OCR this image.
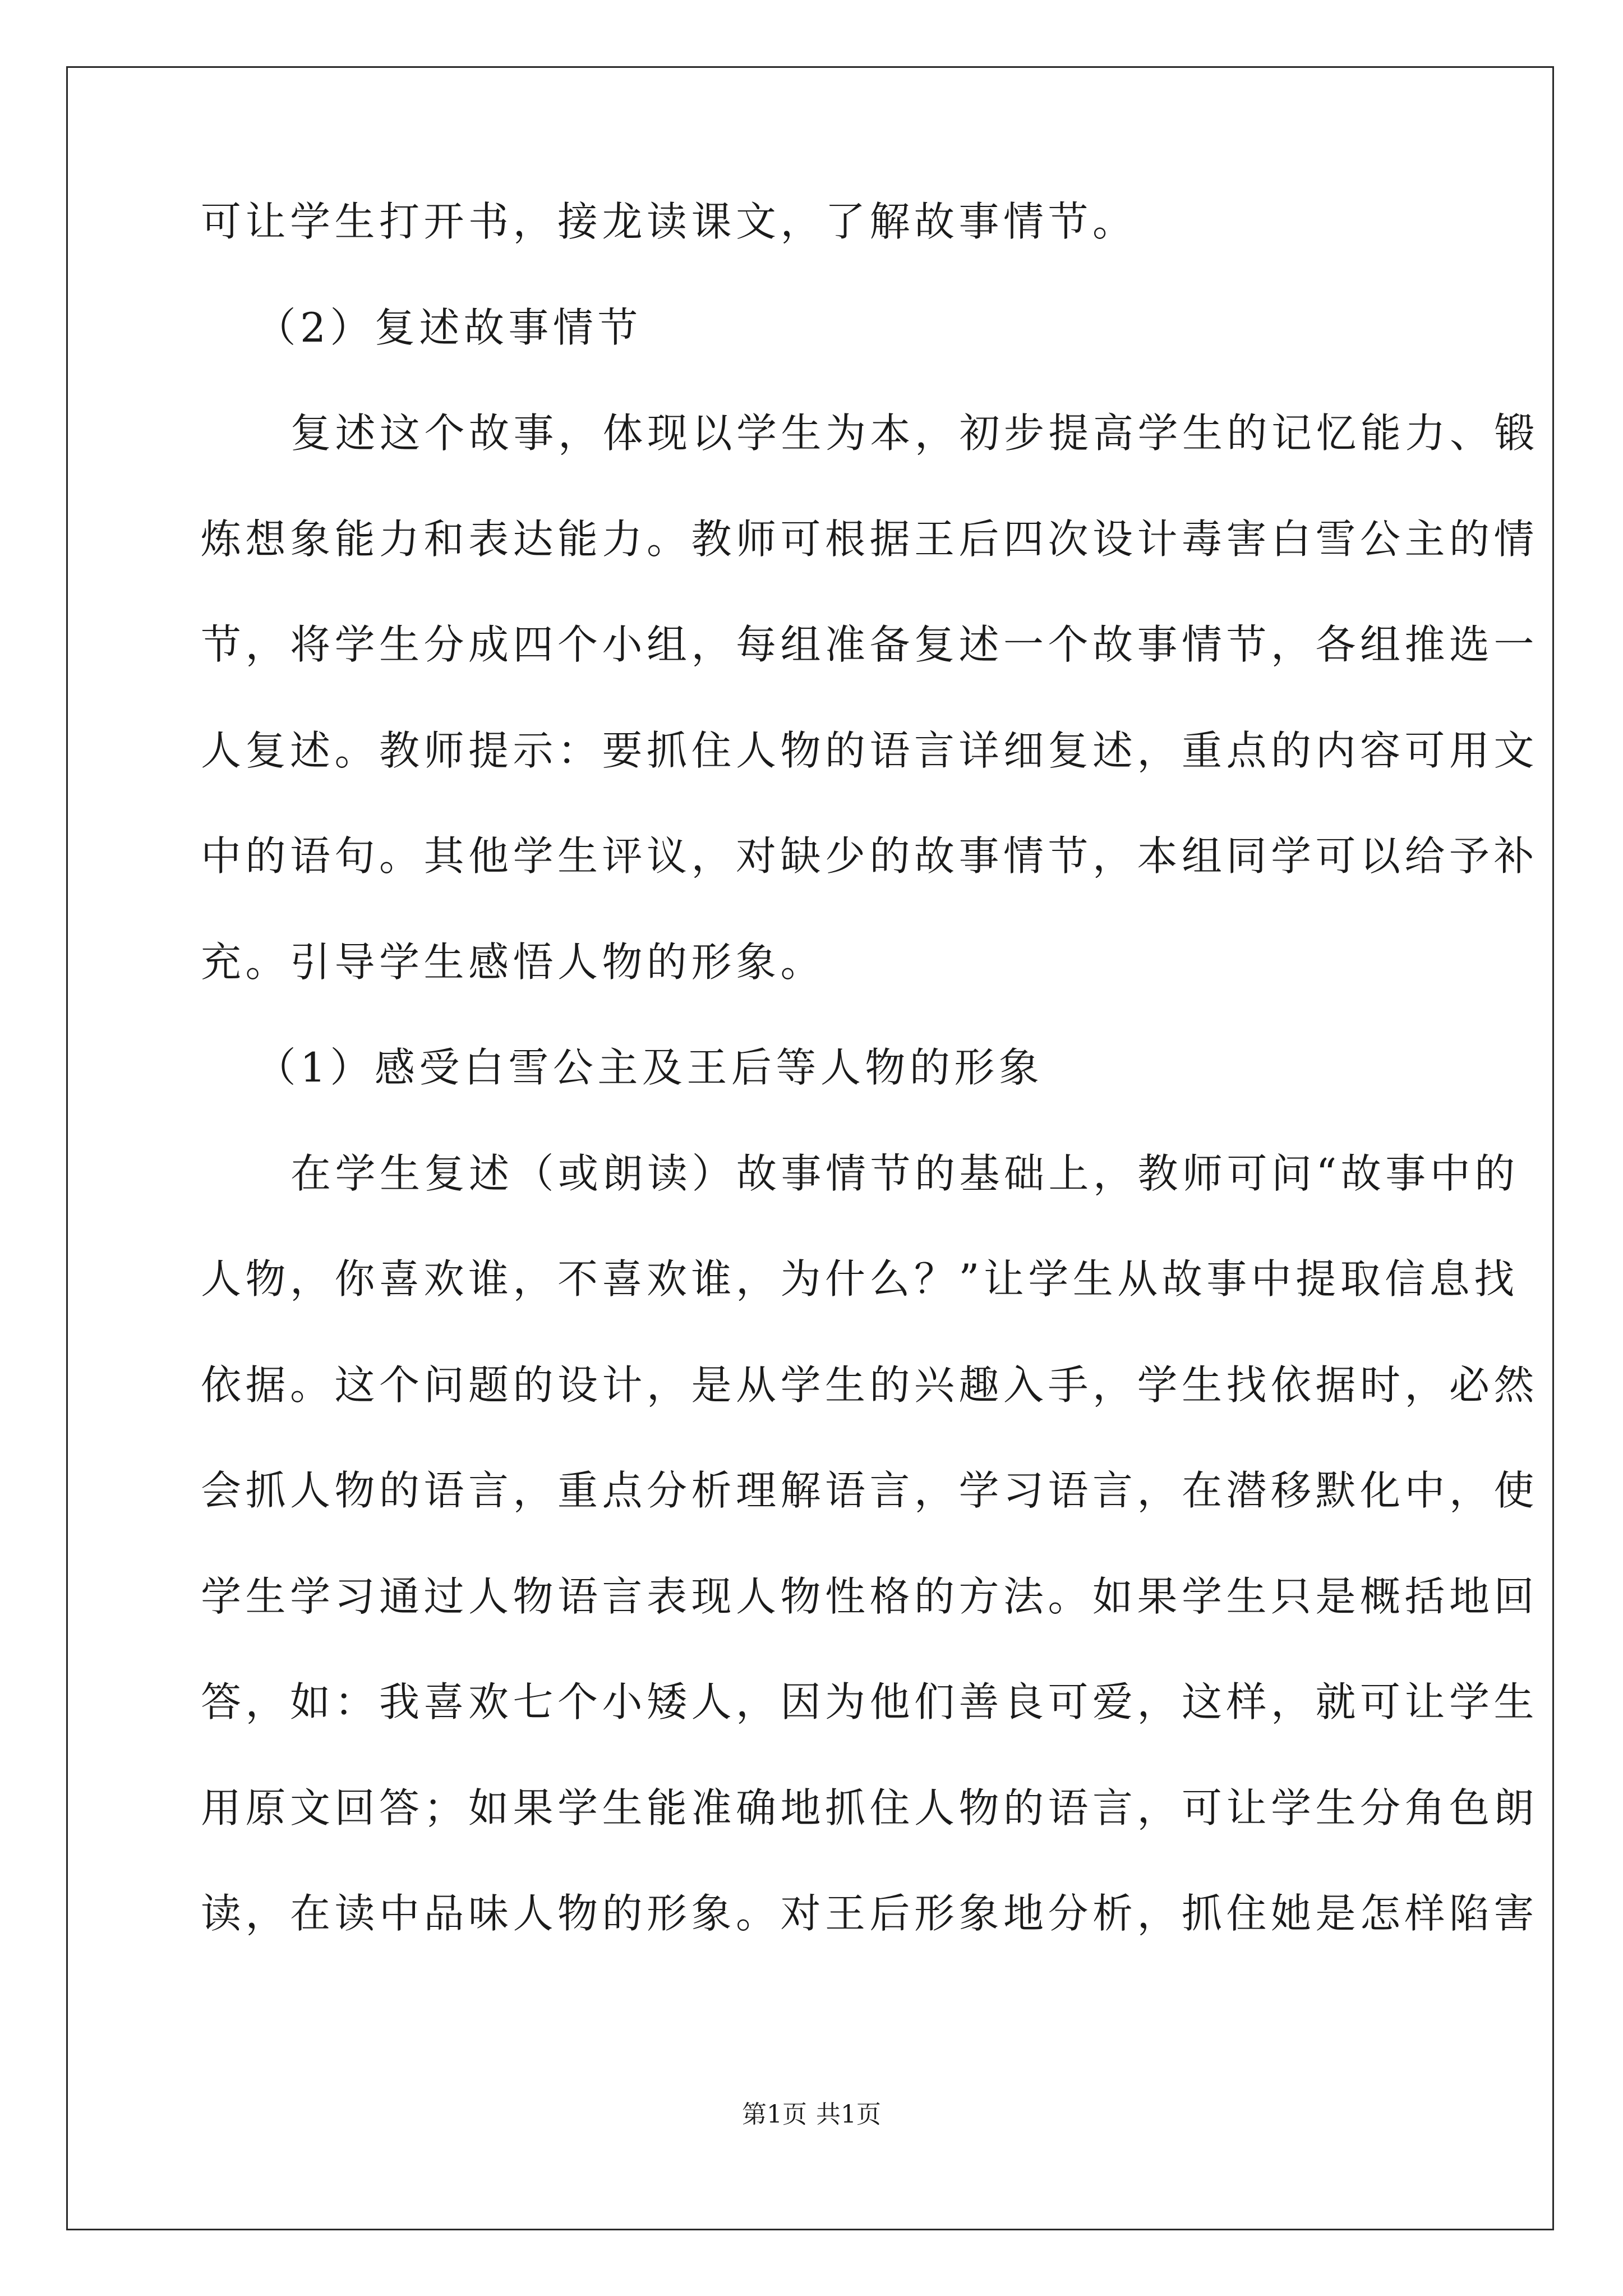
可让学生打开书，接龙读课文，了解故事情节。
（2）复述故事情节
复述这个故事，体现以学生为本，初步提高学生的记忆能力、锻
炼想象能力和表达能力。教师可根据王后四次设计毒害白雪公主的情
节，将学生分成四个小组，每组准备复述一个故事情节，各组推选一
人复述。教师提示：要抓住人物的语言详细复述，重点的内容可用文
中的语句。其他学生评议，对缺少的故事情节，本组同学可以给予补
充。引导学生感悟人物的形象。
（1）感受白雪公主及王后等人物的形象
在学生复述（或朗读）故事情节的基础上，教师可问“故事中的
人物，你喜欢谁，不喜欢谁，为什么？”让学生从故事中提取信息找
依据。这个问题的设计，是从学生的兴趣入手，学生找依据时，必然
会抓人物的语言，重点分析理解语言，学习语言，在潜移默化中，使
学生学习通过人物语言表现人物性格的方法。如果学生只是概括地回
答，如：我喜欢七个小矮人，因为他们善良可爱，这样，就可让学生
用原文回答；如果学生能准确地抓住人物的语言，可让学生分角色朗
读，在读中品味人物的形象。对王后形象地分析，抓住她是怎样陷害
第1页 共1页
